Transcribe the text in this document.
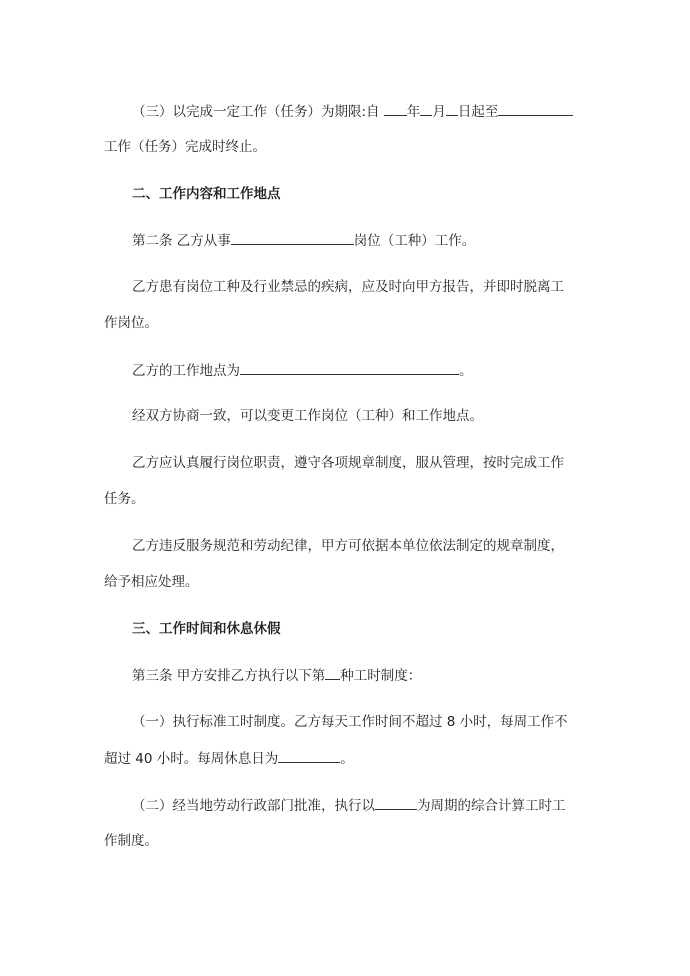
（三）以完成一定工作（任务）为期限:自 年 月 日起至
工作（任务）完成时终止。
二、工作内容和工作地点
第二条 乙方从事	岗位（工种）工作。
乙方患有岗位工种及行业禁忌的疾病，应及时向甲方报告，并即时脱离工
作岗位。
乙方的工作地点为	。
经双方协商一致，可以变更工作岗位（工种）和工作地点。
乙方应认真履行岗位职责，遵守各项规章制度，服从管理，按时完成工作
任务。
乙方违反服务规范和劳动纪律，甲方可依据本单位依法制定的规章制度，
给予相应处理。
三、工作时间和休息休假
第三条 甲方安排乙方执行以下第 种工时制度：
（一）执行标准工时制度。乙方每天工作时间不超过 8 小时，每周工作不
超过 40 小时。每周休息日为	。
（二）经当地劳动行政部门批准，执行以	为周期的综合计算工时工
作制度。
